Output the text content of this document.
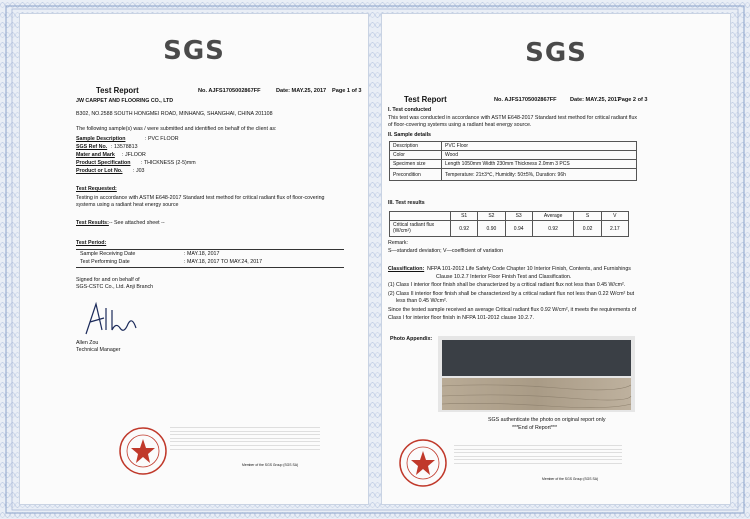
SGS
Test Report	No. AJFS1705002867FF	Date: MAY.25, 2017 Page 1 of 3
JW CARPET AND FLOORING CO., LTD
B302, NO.2588 SOUTH HONGMEI ROAD, MINHANG, SHANGHAI, CHINA 201108
The following sample(s) was / were submitted and identified on behalf of the client as:
Sample Description	: PVC FLOOR
SGS Ref No. : 13578813
Mater and Mark : JFLOOR
Product Specification : THICKNESS (2-5)mm
Product or Lot No. : J03
Test Requested:
Testing in accordance with ASTM E648-2017 Standard test method for critical radiant flux of floor-covering
systems using a radiant heat energy source
Test Results: -- See attached sheet --
Test Period:
Sample Receiving Date	: MAY.18, 2017
Test Performing Date	: MAY.18, 2017 TO MAY.24, 2017
Signed for and on behalf of
SGS-CSTC Co., Ltd. Anji Branch
Allen Zou
Technical Manager
——————————————————————————————————————————————————
——————————————————————————————————————————————————
——————————————————————————————————————————————————
——————————————————————————————————————————————————
——————————————————————————————————————————————————
——————————————————————————————————————————————————
——————————————————————————————————————————————————
Member of the SGS Group (SGS SA)
SGS
Test Report	No. AJFS1705002867FF Date: MAY.25, 2017
Page 2 of 3
I. Test conducted
This test was conducted in accordance with ASTM E648-2017 Standard test method for critical radiant flux
of floor-covering systems using a radiant heat energy source.
II. Sample details
Description	PVC Floor
Color	Wood
Specimen size	Length 1050mm Width 230mm Thickness 2.0mm 3 PCS
Precondition	Temperature: 21±3℃, Humidity: 50±5%, Duration: 96h
III. Test results
	S1	S2	S3	Average	S	V
Critical radiant flux
(W/cm²)	0.92	0.90	0.94	0.92	0.02	2.17
Remark:
S—standard deviation; V—coefficient of variation
Classification: NFPA 101-2012 Life Safety Code Chapter 10 Interior Finish, Contents, and Furnishings
Clause 10.2.7 Interior Floor Finish Test and Classification.
(1) Class I interior floor finish shall be characterized by a critical radiant flux not less than 0.45 W/cm².
(2) Class II interior floor finish shall be characterized by a critical radiant flux not less than 0.22 W/cm² but
less than 0.45 W/cm².
Since the tested sample received an average Critical radiant flux 0.92 W/cm², it meets the requirements of
Class I for interior floor finish in NFPA 101-2012 clause 10.2.7.
Photo Appendix:
SGS authenticate the photo on original report only
***End of Report***
————————————————————————————————————————————————————————
————————————————————————————————————————————————————————
————————————————————————————————————————————————————————
————————————————————————————————————————————————————————
————————————————————————————————————————————————————————
————————————————————————————————————————————————————————
Member of the SGS Group (SGS SA)
